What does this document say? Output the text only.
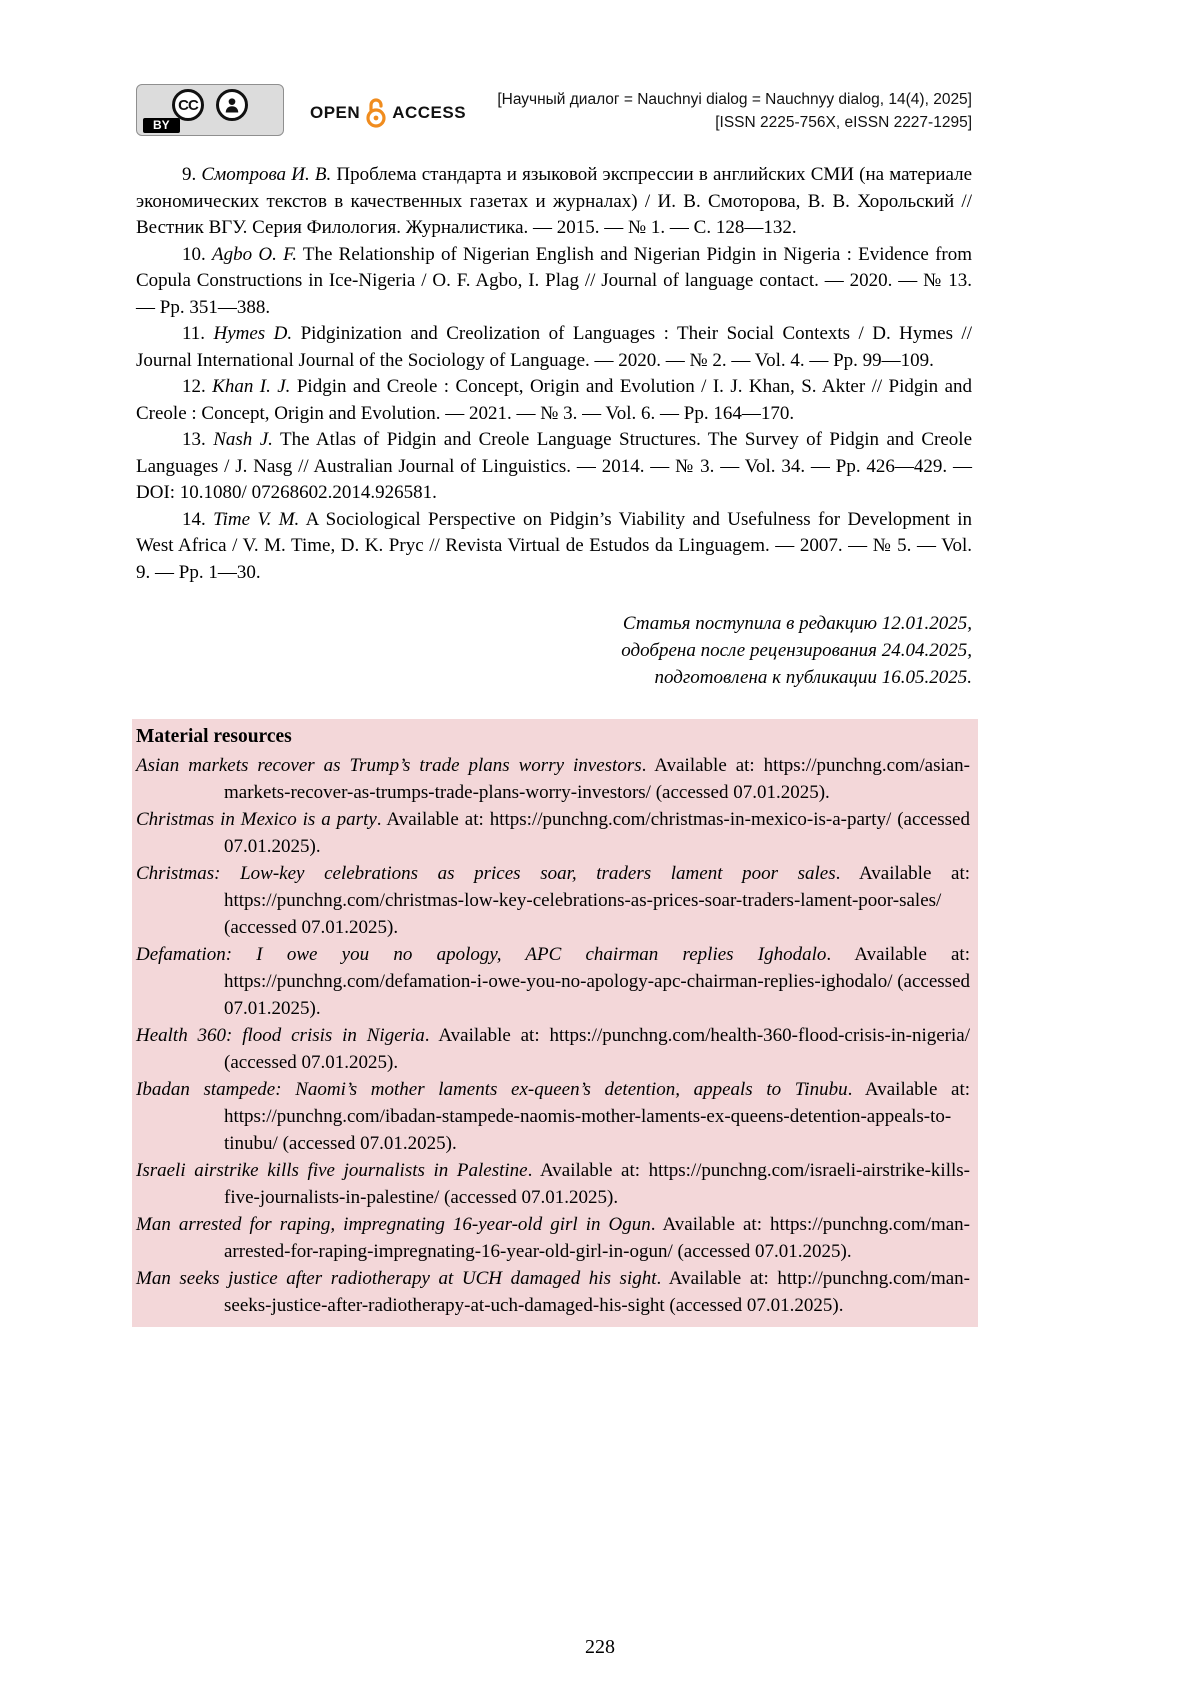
CC
BY
OPEN ACCESS
[Научный диалог = Nauchnyi dialog = Nauchnyy dialog, 14(4), 2025]
[ISSN 2225-756X, eISSN 2227-1295]

9. Смотрова И. В. Проблема стандарта и языковой экспрессии в английских СМИ (на материале экономических текстов в качественных газетах и журналах) / И. В. Смоторова, В. В. Хорольский // Вестник ВГУ. Серия Филология. Журналистика. — 2015. — № 1. — С. 128—132.

10. Agbo O. F. The Relationship of Nigerian English and Nigerian Pidgin in Nigeria : Evidence from Copula Constructions in Ice-Nigeria / O. F. Agbo, I. Plag // Journal of language contact. — 2020. — № 13. — Pp. 351—388.

11. Hymes D. Pidginization and Creolization of Languages : Their Social Contexts / D. Hymes // Journal International Journal of the Sociology of Language. — 2020. — № 2. — Vol. 4. — Pp. 99—109.

12. Khan I. J. Pidgin and Creole : Concept, Origin and Evolution / I. J. Khan, S. Akter // Pidgin and Creole : Concept, Origin and Evolution. — 2021. — № 3. — Vol. 6. — Pp. 164—170.

13. Nash J. The Atlas of Pidgin and Creole Language Structures. The Survey of Pidgin and Creole Languages / J. Nasg // Australian Journal of Linguistics. — 2014. — № 3. — Vol. 34. — Pp. 426—429. — DOI: 10.1080/ 07268602.2014.926581.

14. Time V. M. A Sociological Perspective on Pidgin’s Viability and Usefulness for Development in West Africa / V. M. Time, D. K. Pryc // Revista Virtual de Estudos da Linguagem. — 2007. — № 5. — Vol. 9. — Pp. 1—30.

Статья поступила в редакцию 12.01.2025,
одобрена после рецензирования 24.04.2025,
подготовлена к публикации 16.05.2025.
Material resources

Asian markets recover as Trump’s trade plans worry investors. Available at: https://punchng.com/asian-markets-recover-as-trumps-trade-plans-worry-investors/ (accessed 07.01.2025).

Christmas in Mexico is a party. Available at: https://punchng.com/christmas-in-mexico-is-a-party/ (accessed 07.01.2025).

Christmas: Low-key celebrations as prices soar, traders lament poor sales. Available at: https://punchng.com/christmas-low-key-celebrations-as-prices-soar-traders-lament-poor-sales/ (accessed 07.01.2025).

Defamation: I owe you no apology, APC chairman replies Ighodalo. Available at: https://punchng.com/defamation-i-owe-you-no-apology-apc-chairman-replies-ighodalo/ (accessed 07.01.2025).

Health 360: flood crisis in Nigeria. Available at: https://punchng.com/health-360-flood-crisis-in-nigeria/ (accessed 07.01.2025).

Ibadan stampede: Naomi’s mother laments ex-queen’s detention, appeals to Tinubu. Available at: https://punchng.com/ibadan-stampede-naomis-mother-laments-ex-queens-detention-appeals-to-tinubu/ (accessed 07.01.2025).

Israeli airstrike kills five journalists in Palestine. Available at: https://punchng.com/israeli-airstrike-kills-five-journalists-in-palestine/ (accessed 07.01.2025).

Man arrested for raping, impregnating 16-year-old girl in Ogun. Available at: https://punchng.com/man-arrested-for-raping-impregnating-16-year-old-girl-in-ogun/ (accessed 07.01.2025).

Man seeks justice after radiotherapy at UCH damaged his sight. Available at: http://punchng.com/man-seeks-justice-after-radiotherapy-at-uch-damaged-his-sight (accessed 07.01.2025).

228
